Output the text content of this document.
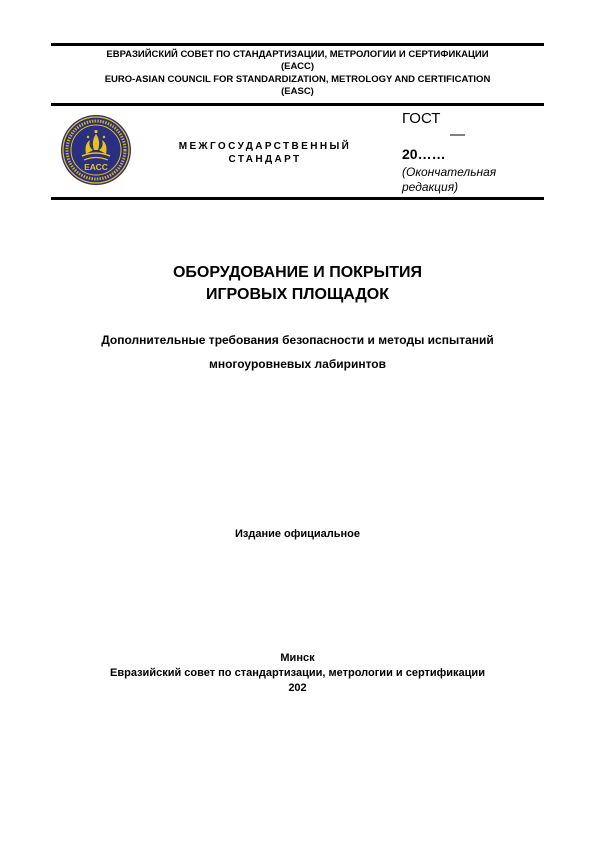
ЕВРАЗИЙСКИЙ СОВЕТ ПО СТАНДАРТИЗАЦИИ, МЕТРОЛОГИИ И СЕРТИФИКАЦИИ
(ЕАСС)
EURO-ASIAN COUNCIL FOR STANDARDIZATION, METROLOGY AND CERTIFICATION
(EASC)
ЕАСС
МЕЖГОСУДАРСТВЕННЫЙ
СТАНДАРТ
ГОСТ
—
20……
(Окончательная
редакция)
ОБОРУДОВАНИЕ И ПОКРЫТИЯ
ИГРОВЫХ ПЛОЩАДОК
Дополнительные требования безопасности и методы испытаний
многоуровневых лабиринтов
Издание официальное
Минск
Евразийский совет по стандартизации, метрологии и сертификации
202
